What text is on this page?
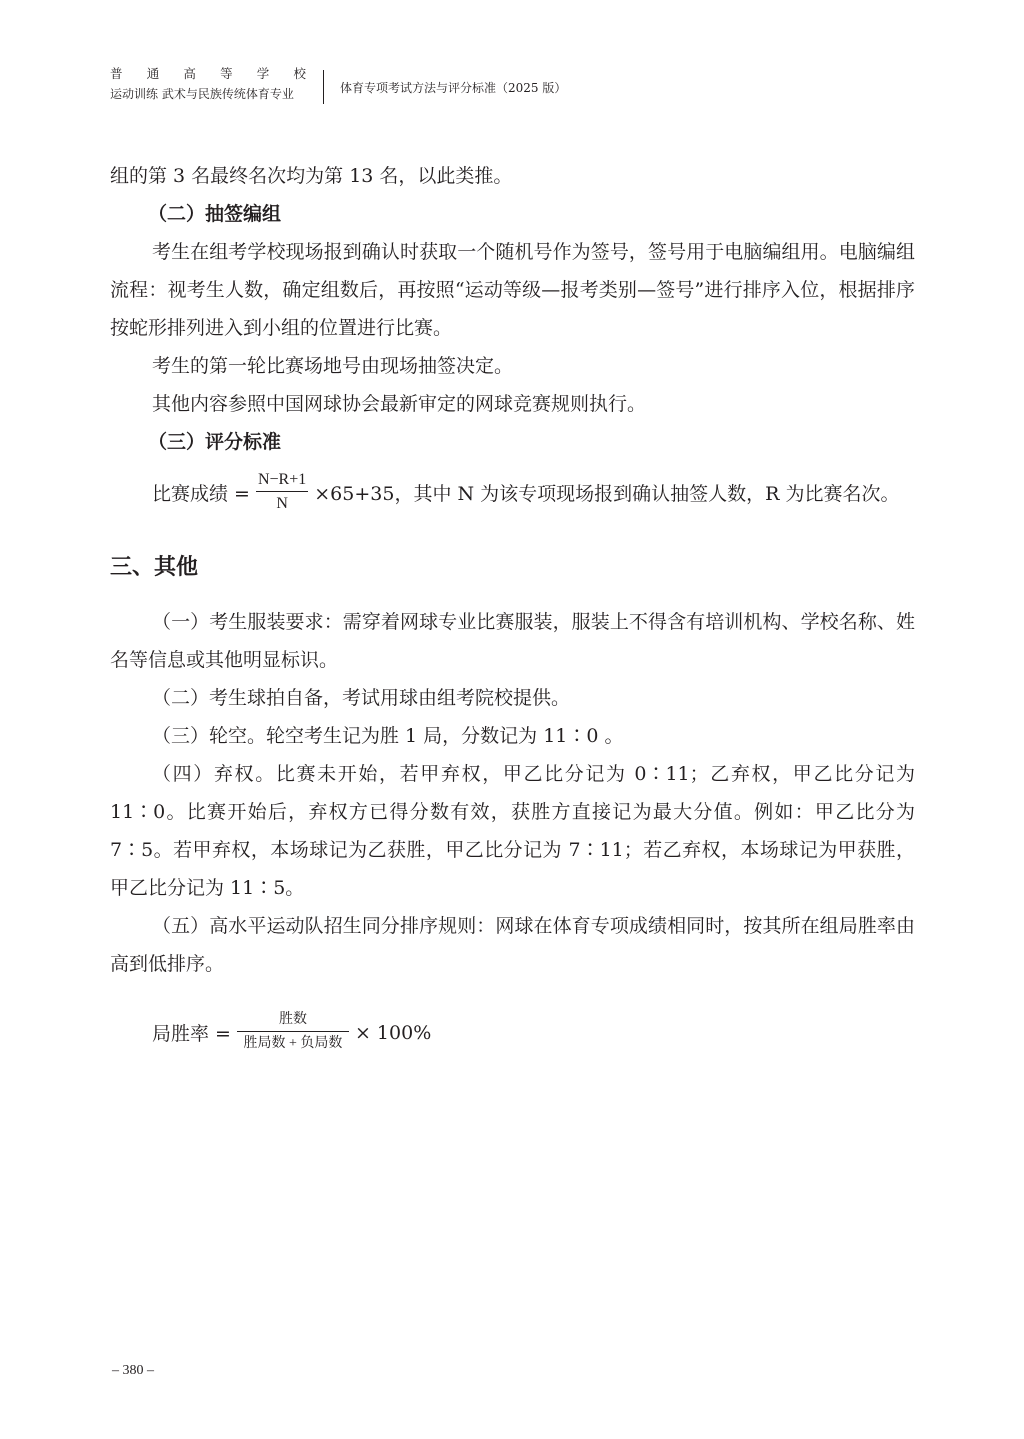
普 通 高 等 学 校
运动训练 武术与民族传统体育专业	体育专项考试方法与评分标准（2025 版）

组的第 3 名最终名次均为第 13 名，以此类推。

（二）抽签编组

考生在组考学校现场报到确认时获取一个随机号作为签号，签号用于电脑编组用。电脑编组流程：视考生人数，确定组数后，再按照“运动等级—报考类别—签号”进行排序入位，根据排序按蛇形排列进入到小组的位置进行比赛。

考生的第一轮比赛场地号由现场抽签决定。

其他内容参照中国网球协会最新审定的网球竞赛规则执行。

（三）评分标准

比赛成绩 = $\frac{N-R+1}{N} \times 65+35$，其中 N 为该专项现场报到确认抽签人数，R 为比赛名次。
三、其他

（一）考生服装要求：需穿着网球专业比赛服装，服装上不得含有培训机构、学校名称、姓名等信息或其他明显标识。

（二）考生球拍自备，考试用球由组考院校提供。

（三）轮空。轮空考生记为胜 1 局，分数记为 11∶0 。

（四）弃权。比赛未开始，若甲弃权，甲乙比分记为 0∶11；乙弃权，甲乙比分记为 11∶0。比赛开始后，弃权方已得分数有效，获胜方直接记为最大分值。例如：甲乙比分为 7∶5。若甲弃权，本场球记为乙获胜，甲乙比分记为 7∶11；若乙弃权，本场球记为甲获胜，甲乙比分记为 11∶5。

（五）高水平运动队招生同分排序规则：网球在体育专项成绩相同时，按其所在组局胜率由高到低排序。

局胜率 = $\frac{\text{胜数}}{\text{胜局数 + 负局数}} \times 100\%$
– 380 –
